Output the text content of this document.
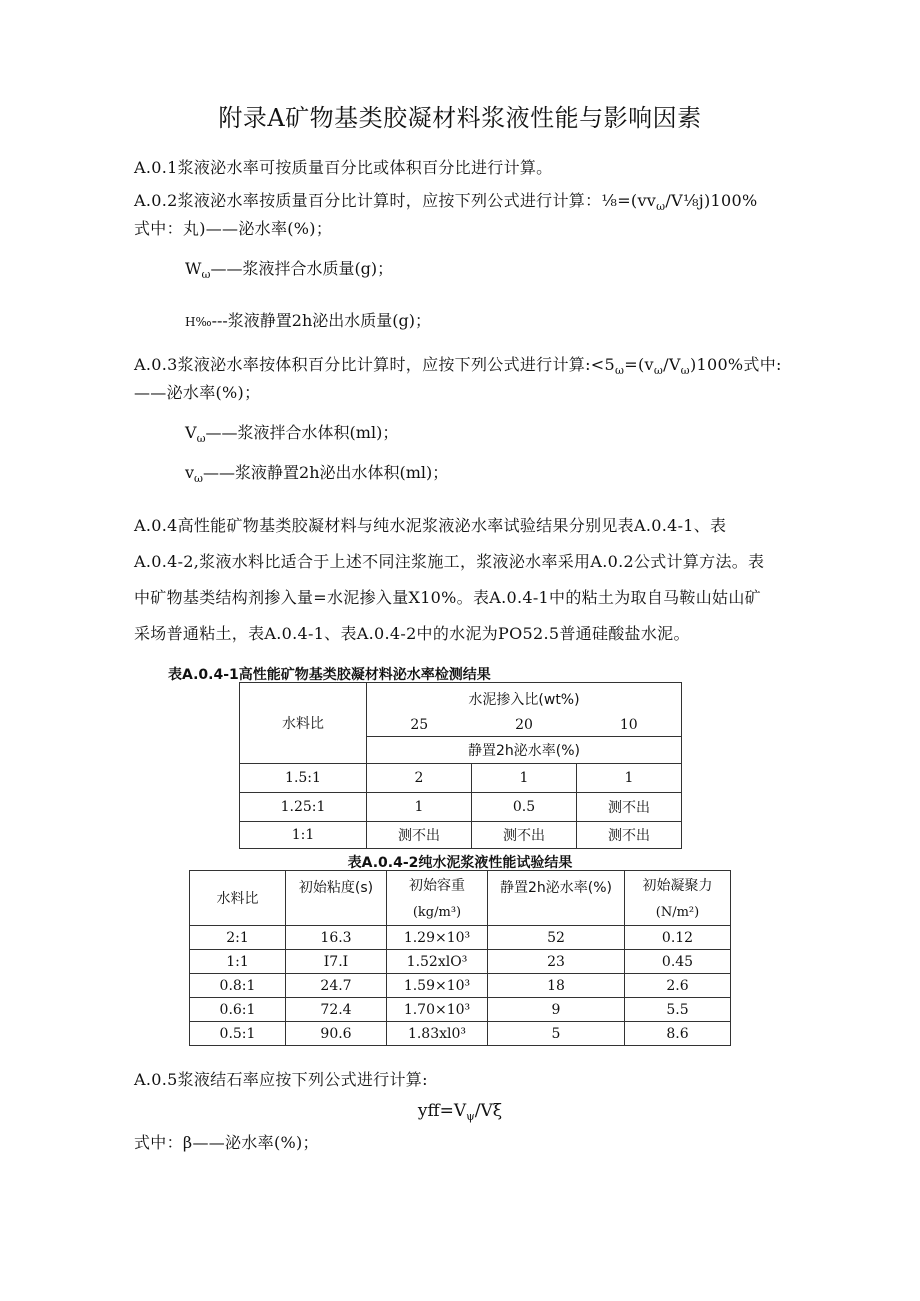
附录A矿物基类胶凝材料浆液性能与影响因素
A.0.1浆液泌水率可按质量百分比或体积百分比进行计算。
A.0.2浆液泌水率按质量百分比计算时，应按下列公式进行计算：$\frac{1}{8}=(vv_\omega/V\frac{1}{8}j)100\%$
式中：丸)——泌水率(%)；
$W_\omega——$浆液拌合水质量(g)；
H‰---浆液静置2h泌出水质量(g)；
A.0.3浆液泌水率按体积百分比计算时，应按下列公式进行计算$:<5_\omega=(v_\omega/V_\omega)100\%$式中:
——泌水率(%)；
$V_\omega——$浆液拌合水体积(ml)；
$v_\omega——$浆液静置2h泌出水体积(ml)；
A.0.4高性能矿物基类胶凝材料与纯水泥浆液泌水率试验结果分别见表A.0.4-1、表
A.0.4-2,浆液水料比适合于上述不同注浆施工，浆液泌水率采用A.0.2公式计算方法。表
中矿物基类结构剂掺入量=水泥掺入量X10%。表A.0.4-1中的粘土为取自马鞍山姑山矿
采场普通粘土，表A.0.4-1、表A.0.4-2中的水泥为PO52.5普通硅酸盐水泥。
表A.0.4-1高性能矿物基类胶凝材料泌水率检测结果
水料比	水泥掺入比(wt%)		
	25	20	10
	静置2h泌水率(%)		
1.5:1	2	1	1
1.25:1	1	0.5	测不出
1:1	测不出	测不出	测不出
表A.0.4-2纯水泥浆液性能试验结果
水料比	初始粘度(s)	初始容重	静置2h泌水率(%)	初始凝聚力
		(kg/m³)		(N/m²)
2:1	16.3	1.29×10³	52	0.12
1:1	I7.I	1.52xlO³	23	0.45
0.8:1	24.7	1.59×10³	18	2.6
0.6:1	72.4	1.70×10³	9	5.5
0.5:1	90.6	1.83xl0³	5	8.6
A.0.5浆液结石率应按下列公式进行计算:
$yff=V_\psi/V\xi$
式中：β——泌水率(%)；
